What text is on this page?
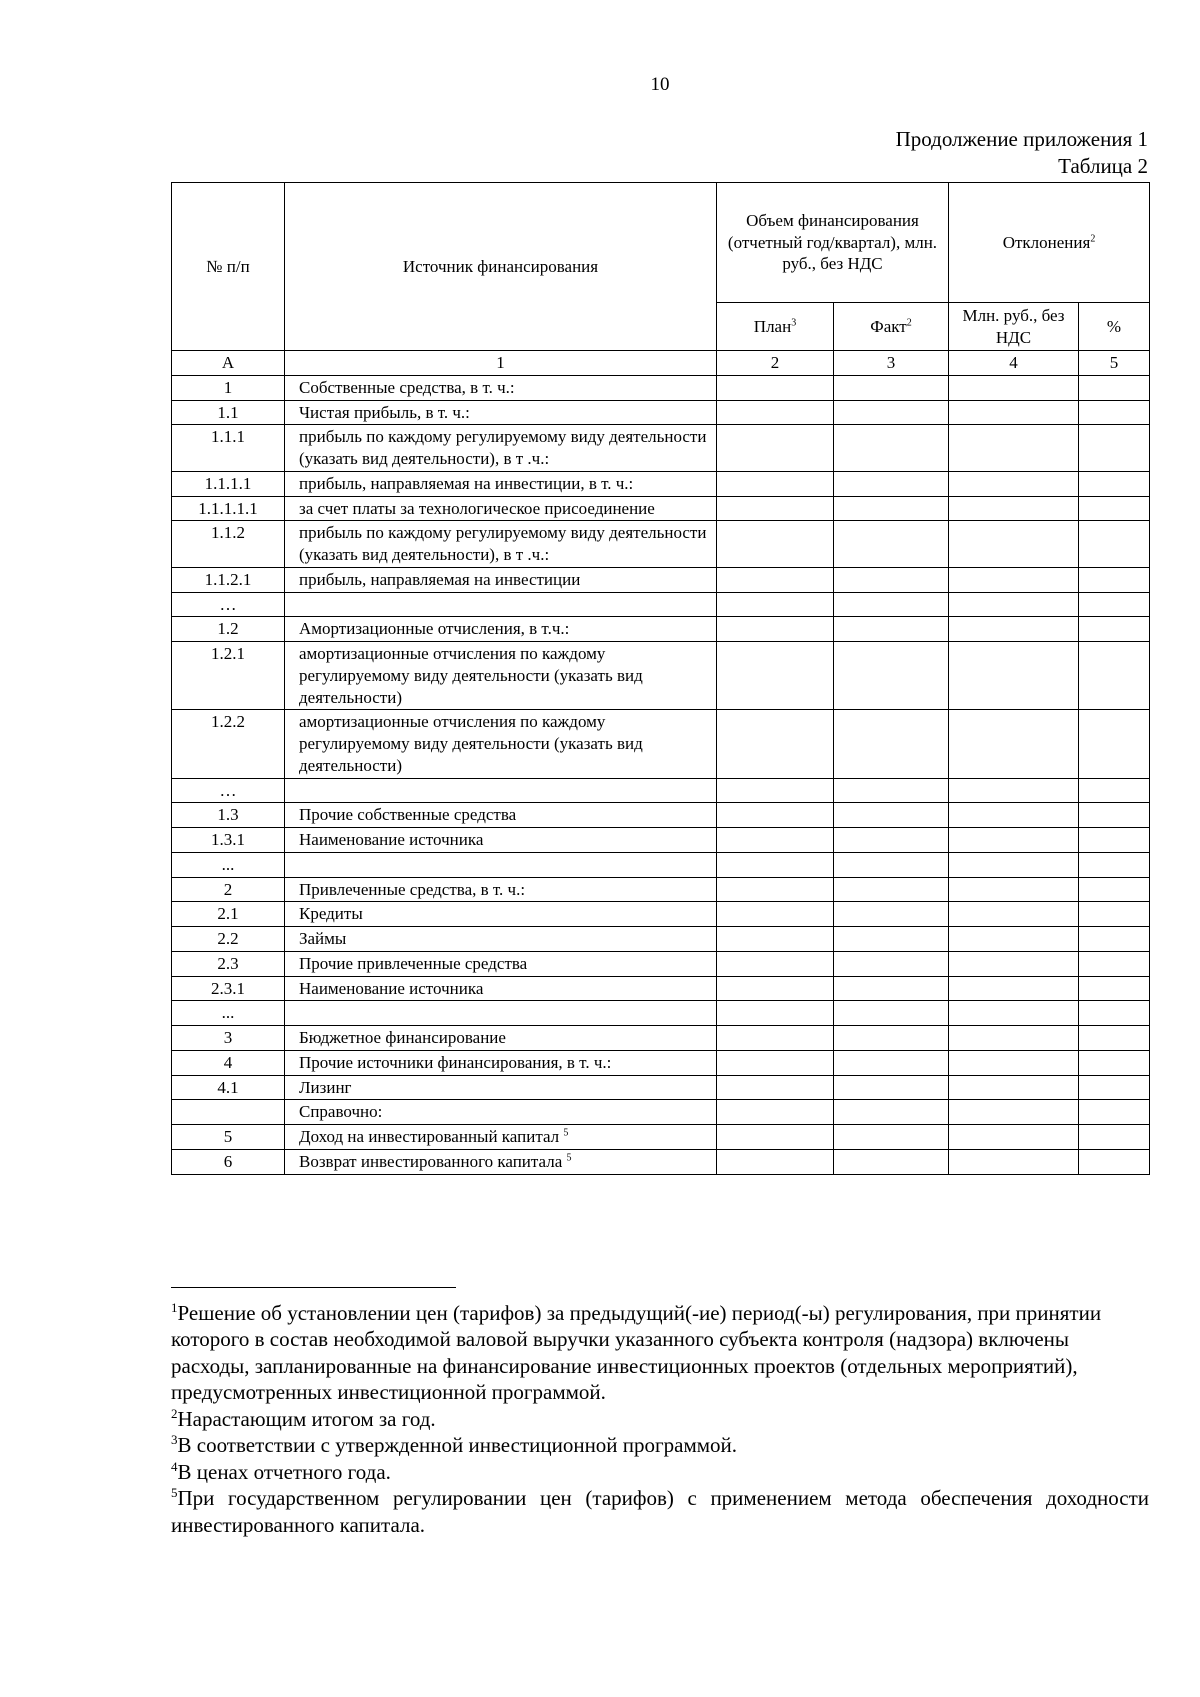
10
Продолжение приложения 1
Таблица 2
№ п/п	Источник финансирования	Объем финансирования (отчетный год/квартал), млн. руб., без НДС		Отклонения$^2$
		План$^3$	Факт$^2$	Млн. руб., без НДС	%
А	1	2	3	4	5
1	Собственные средства, в т. ч.:				
1.1	Чистая прибыль, в т. ч.:				
1.1.1	прибыль по каждому регулируемому виду деятельности (указать вид деятельности), в т .ч.:				
1.1.1.1	прибыль, направляемая на инвестиции, в т. ч.:				
1.1.1.1.1	за счет платы за технологическое присоединение				
1.1.2	прибыль по каждому регулируемому виду деятельности (указать вид деятельности), в т .ч.:				
1.1.2.1	прибыль, направляемая на инвестиции				
…					
1.2	Амортизационные отчисления, в т.ч.:				
1.2.1	амортизационные отчисления по каждому регулируемому виду деятельности (указать вид деятельности)				
1.2.2	амортизационные отчисления по каждому регулируемому виду деятельности (указать вид деятельности)				
…					
1.3	Прочие собственные средства				
1.3.1	Наименование источника				
...					
2	Привлеченные средства, в т. ч.:				
2.1	Кредиты				
2.2	Займы				
2.3	Прочие привлеченные средства				
2.3.1	Наименование источника				
...					
3	Бюджетное финансирование				
4	Прочие источники финансирования, в т. ч.:				
4.1	Лизинг				
	Справочно:				
5	Доход на инвестированный капитал $^5$				
6	Возврат инвестированного капитала $^5$				

$^1$Решение об установлении цен (тарифов) за предыдущий(-ие) период(-ы) регулирования, при принятии которого в состав необходимой валовой выручки указанного субъекта контроля (надзора) включены расходы, запланированные на финансирование инвестиционных проектов (отдельных мероприятий), предусмотренных инвестиционной программой.

$^2$Нарастающим итогом за год.

$^3$В соответствии с утвержденной инвестиционной программой.

$^4$В ценах отчетного года.

$^5$При государственном регулировании цен (тарифов) с применением метода обеспечения доходности инвестированного капитала.
